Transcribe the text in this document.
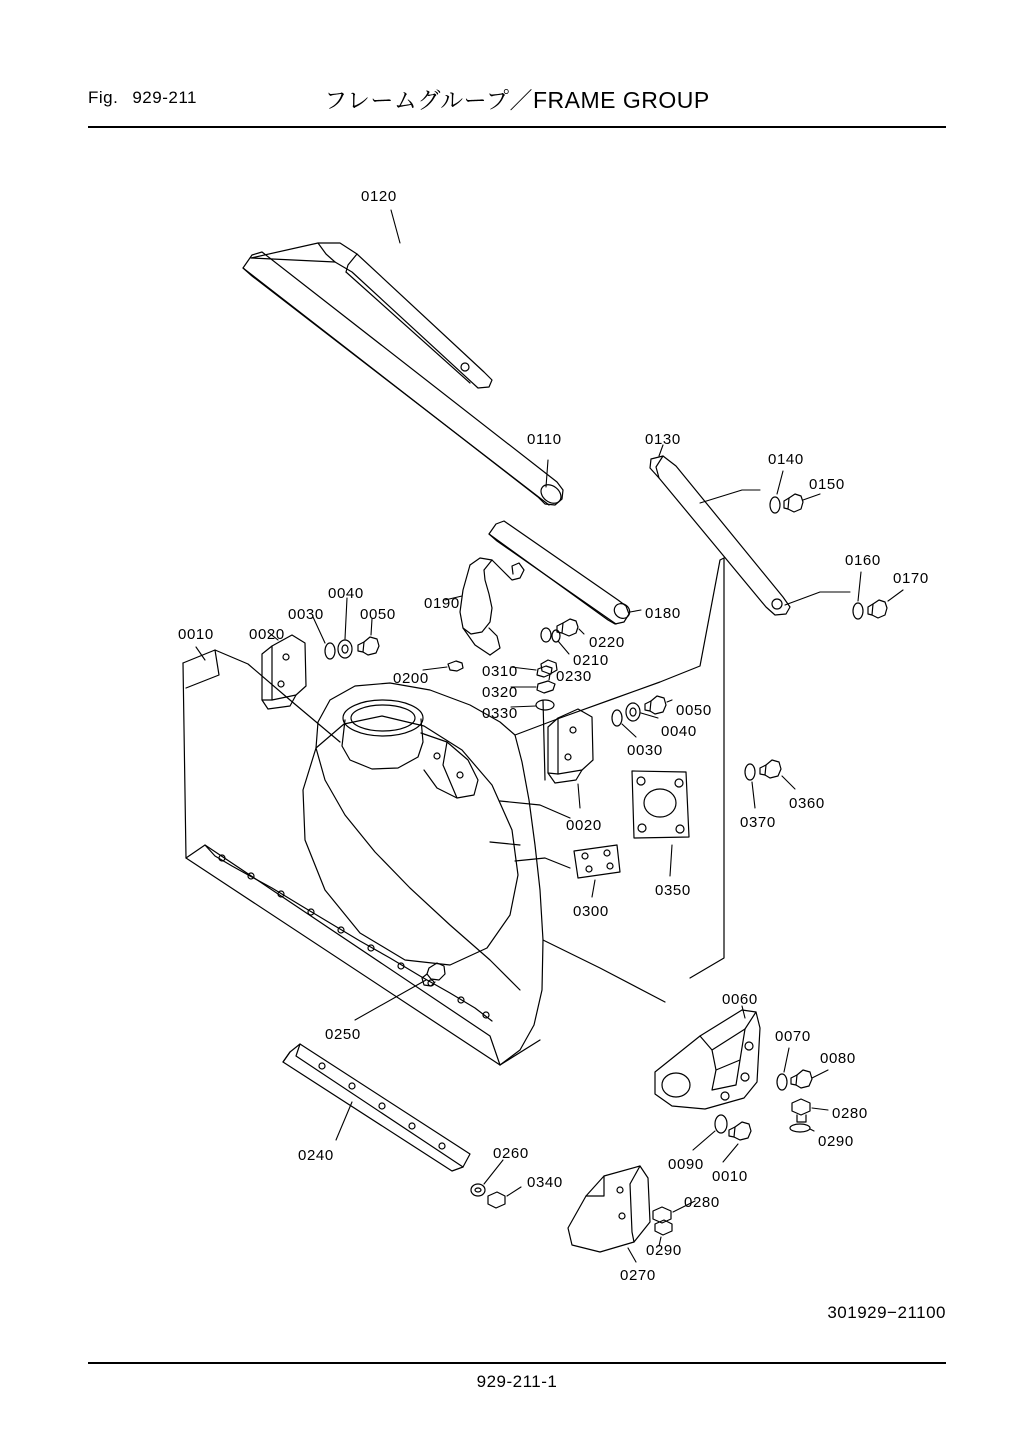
Fig. 929-211	フレームグループ／FRAME GROUP
0120
0110	0130
0140
0150
0160
0170
0190
0180
0040
0030 0050
0220
0210
0010 0020
0200	0310	0230
0320
0330	0050
0040
0030
0020
0360
0370
0350
0300
0060
0070
0080
0280
0290
0250
0240	0260
0340
0090
0010
0280
0290
0270
301929−21100
929-211-1
